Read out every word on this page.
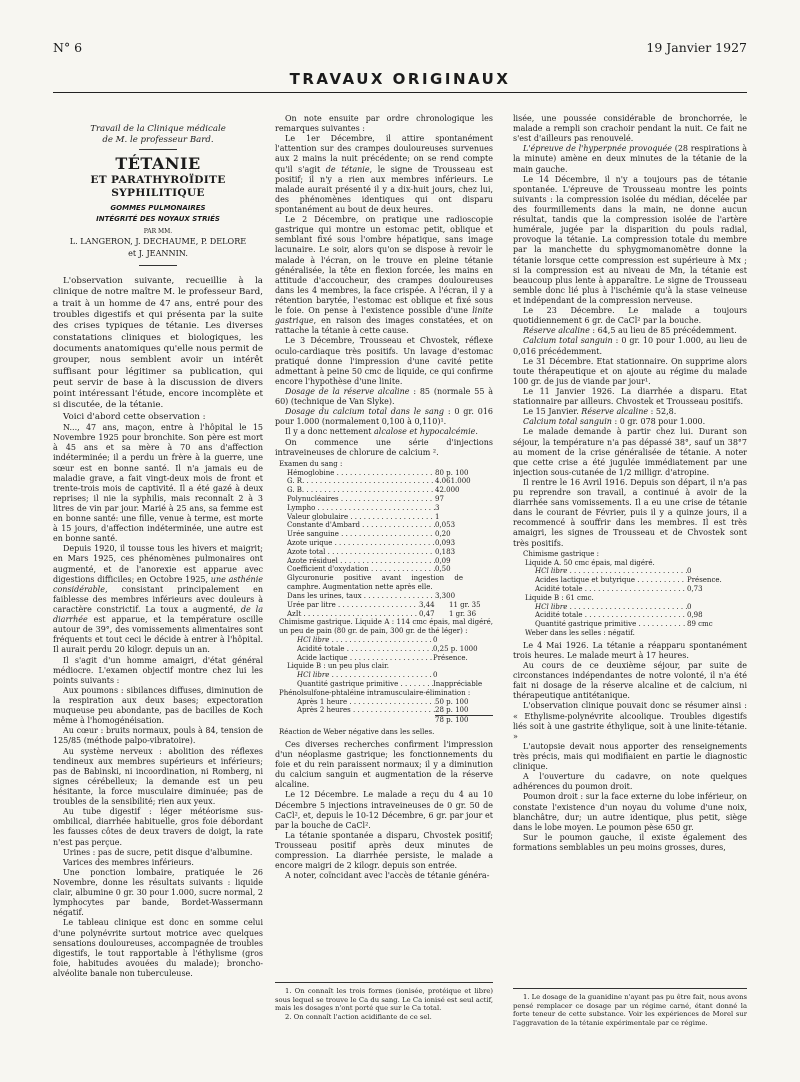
N° 6	19 Janvier 1927
TRAVAUX ORIGINAUX

Travail de la Clinique médicale

de M. le professeur Bard.

TÉTANIE

ET PARATHYROÏDITE SYPHILITIQUE

GOMMES PULMONAIRES

INTÉGRITÉ DES NOYAUX STRIÉS

PAR MM.

L. LANGERON, J. DECHAUME, P. DELORE

et J. JEANNIN.

L'observation suivante, recueillie à la clinique de notre maître M. le professeur Bard, a trait à un homme de 47 ans, entré pour des troubles digestifs et qui présenta par la suite des crises typiques de tétanie. Les diverses constatations cliniques et biologiques, les documents anatomiques qu'elle nous permit de grouper, nous semblent avoir un intérêt suffisant pour légitimer sa publication, qui peut servir de base à la discussion de divers point intéressant l'étude, encore incomplète et si discutée, de la tétanie.

Voici d'abord cette observation :

N..., 47 ans, maçon, entre à l'hôpital le 15 Novembre 1925 pour bronchite. Son père est mort à 45 ans et sa mère à 70 ans d'affection indéterminée; il a perdu un frère à la guerre, une sœur est en bonne santé. Il n'a jamais eu de maladie grave, a fait vingt-deux mois de front et trente-trois mois de captivité. Il a été gazé à deux reprises; il nie la syphilis, mais reconnaît 2 à 3 litres de vin par jour. Marié à 25 ans, sa femme est en bonne santé: une fille, venue à terme, est morte à 15 jours, d'affection indéterminée, une autre est en bonne santé.

Depuis 1920, il tousse tous les hivers et maigrit; en Mars 1925, ces phénomènes pulmonaires ont augmenté, et de l'anorexie est apparue avec digestions difficiles; en Octobre 1925, une asthénie considérable, consistant principalement en faiblesse des membres inférieurs avec douleurs à caractère constrictif. La toux a augmenté, de la diarrhée est apparue, et la température oscille autour de 39°, des vomissements alimentaires sont fréquents et tout ceci le décide à entrer à l'hôpital. Il aurait perdu 20 kilogr. depuis un an.

Il s'agit d'un homme amaigri, d'état général médiocre. L'examen objectif montre chez lui les points suivants :

Aux poumons : sibilances diffuses, diminution de la respiration aux deux bases; expectoration muqueuse peu abondante, pas de bacilles de Koch même à l'homogénéisation.

Au cœur : bruits normaux, pouls à 84, tension de 125/85 (méthode palpo-vibratoire).

Au système nerveux : abolition des réflexes tendineux aux membres supérieurs et inférieurs; pas de Babinski, ni incoordination, ni Romberg, ni signes cérébelleux; la demande est un peu hésitante, la force musculaire diminuée; pas de troubles de la sensibilité; rien aux yeux.

Au tube digestif : léger météorisme sus-ombilical, diarrhée habituelle, gros foie débordant les fausses côtes de deux travers de doigt, la rate n'est pas perçue.

Urines : pas de sucre, petit disque d'albumine.

Varices des membres inférieurs.

Une ponction lombaire, pratiquée le 26 Novembre, donne les résultats suivants : liquide clair, albumine 0 gr. 30 pour 1.000, sucre normal, 2 lymphocytes par bande, Bordet-Wassermann négatif.

Le tableau clinique est donc en somme celui d'une polynévrite surtout motrice avec quelques sensations douloureuses, accompagnée de troubles digestifs, le tout rapportable à l'éthylisme (gros foie, habitudes avouées du malade); broncho-alvéolite banale non tuberculeuse.

On note ensuite par ordre chronologique les remarques suivantes :

Le 1er Décembre, il attire spontanément l'attention sur des crampes douloureuses survenues aux 2 mains la nuit précédente; on se rend compte qu'il s'agit de tétanie, le signe de Trousseau est positif; il n'y a rien aux membres inférieurs. Le malade aurait présenté il y a dix-huit jours, chez lui, des phénomènes identiques qui ont disparu spontanément au bout de deux heures.

Le 2 Décembre, on pratique une radioscopie gastrique qui montre un estomac petit, oblique et semblant fixé sous l'ombre hépatique, sans image lacunaire. Le soir, alors qu'on se dispose à revoir le malade à l'écran, on le trouve en pleine tétanie généralisée, la tête en flexion forcée, les mains en attitude d'accoucheur, des crampes douloureuses dans les 4 membres, la face crispée. A l'écran, il y a rétention barytée, l'estomac est oblique et fixé sous le foie. On pense à l'existence possible d'une linite gastrique, en raison des images constatées, et on rattache la tétanie à cette cause.

Le 3 Décembre, Trousseau et Chvostek, réflexe oculo-cardiaque très positifs. Un lavage d'estomac pratiqué donne l'impression d'une cavité petite admettant à peine 50 cmc de liquide, ce qui confirme encore l'hypothèse d'une linite.

Dosage de la réserve alcaline : 85 (normale 55 à 60) (technique de Van Slyke).

Dosage du calcium total dans le sang : 0 gr. 016 pour 1.000 (normalement 0,100 à 0,110)¹.

Il y a donc nettement alcalose et hypocalcémie.

On commence une série d'injections intraveineuses de chlorure de calcium ².

Examen du sang :
Hémoglobine . . .	80 p. 100
G. R. . . .	4.061.000
G. B. . . .	42.000
Polynucléaires . . .	97
Lympho . . .	3
Valeur globulaire . . .	1
Constante d'Ambard . . .	0,053
Urée sanguine . . .	0,20
Azote urique . . .	0,093
Azote total . . .	0,183
Azote résiduel . . .	0,09
Coefficient d'oxydation . . .	0,50
Glycuronurie positive avant ingestion de camphre. Augmentation nette après elle.
Dans les urines, taux . . .	3,300
Urée par litre . . .	3,44	11 gr. 35
AzIt . . .	0,47	1 gr. 36
Chimisme gastrique. Liquide A : 114 cmc épais, mal digéré, un peu de pain (80 gr. de pain, 300 gr. de thé léger) :
HCl libre . . .	0
Acidité totale . . .	0,25 p. 1000
Acide lactique . . .	Présence.
Liquide B : un peu plus clair.
HCl libre . . .	0
Quantité gastrique primitive . . .	Inappréciable
Phénolsulfone-phtaléine intramusculaire-élimination :
Après 1 heure . . .	50 p. 100
Après 2 heures . . .	28 p. 100
78 p. 100
Réaction de Weber négative dans les selles.

Ces diverses recherches confirment l'impression d'un néoplasme gastrique; les fonctionnements du foie et du rein paraissent normaux; il y a diminution du calcium sanguin et augmentation de la réserve alcaline.

Le 12 Décembre. Le malade a reçu du 4 au 10 Décembre 5 injections intraveineuses de 0 gr. 50 de CaCl², et, depuis le 10-12 Décembre, 6 gr. par jour et par la bouche de CaCl².

La tétanie spontanée a disparu, Chvostek positif; Trousseau positif après deux minutes de compression. La diarrhée persiste, le malade a encore maigri de 2 kilogr. depuis son entrée.

A noter, coïncidant avec l'accès de tétanie généra-

1. On connaît les trois formes (ionisée, protéique et libre) sous lequel se trouve le Ca du sang. Le Ca ionisé est seul actif, mais les dosages n'ont porté que sur le Ca total.

2. On connaît l'action acidifiante de ce sel.

lisée, une poussée considérable de bronchorrée, le malade a rempli son crachoir pendant la nuit. Ce fait ne s'est d'ailleurs pas renouvelé.

L'épreuve de l'hyperpnée provoquée (28 respirations à la minute) amène en deux minutes de la tétanie de la main gauche.

Le 14 Décembre, il n'y a toujours pas de tétanie spontanée. L'épreuve de Trousseau montre les points suivants : la compression isolée du médian, décelée par des fourmillements dans la main, ne donne aucun résultat, tandis que la compression isolée de l'artère humérale, jugée par la disparition du pouls radial, provoque la tétanie. La compression totale du membre par la manchette du sphygmomanomètre donne la tétanie lorsque cette compression est supérieure à Mx ; si la compression est au niveau de Mn, la tétanie est beaucoup plus lente à apparaître. Le signe de Trousseau semble donc lié plus à l'ischémie qu'à la stase veineuse et indépendant de la compression nerveuse.

Le 23 Décembre. Le malade a toujours quotidiennement 6 gr. de CaCl² par la bouche.

Réserve alcaline : 64,5 au lieu de 85 précédemment.

Calcium total sanguin : 0 gr. 10 pour 1.000, au lieu de 0,016 précédemment.

Le 31 Décembre. Etat stationnaire. On supprime alors toute thérapeutique et on ajoute au régime du malade 100 gr. de jus de viande par jour¹.

Le 11 Janvier 1926. La diarrhée a disparu. Etat stationnaire par ailleurs. Chvostek et Trousseau positifs.

Le 15 Janvier. Réserve alcaline : 52,8.

Calcium total sanguin : 0 gr. 078 pour 1.000.

Le malade demande à partir chez lui. Durant son séjour, la température n'a pas dépassé 38°, sauf un 38°7 au moment de la crise généralisée de tétanie. A noter que cette crise a été jugulée immédiatement par une injection sous-cutanée de 1/2 milligr. d'atropine.

Il rentre le 16 Avril 1916. Depuis son départ, il n'a pas pu reprendre son travail, a continué à avoir de la diarrhée sans vomissements. Il a eu une crise de tétanie dans le courant de Février, puis il y a quinze jours, il a recommencé à souffrir dans les membres. Il est très amaigri, les signes de Trousseau et de Chvostek sont très positifs.

Chimisme gastrique :
Liquide A. 50 cmc épais, mal digéré.
HCl libre . . .	0
Acides lactique et butyrique . . .	Présence.
Acidité totale . . .	0,73
Liquide B : 61 cmc.
HCl libre . . .	0
Acidité totale . . .	0,98
Quantité gastrique primitive . . .	89 cmc
Weber dans les selles : négatif.

Le 4 Mai 1926. La tétanie a réapparu spontanément trois heures. Le malade meurt à 17 heures.

Au cours de ce deuxième séjour, par suite de circonstances indépendantes de notre volonté, il n'a été fait ni dosage de la réserve alcaline et de calcium, ni thérapeutique antitétanique.

L'observation clinique pouvait donc se résumer ainsi : « Ethylisme-polynévrite alcoolique. Troubles digestifs liés soit à une gastrite éthylique, soit à une linite-tétanie. »

L'autopsie devait nous apporter des renseignements très précis, mais qui modifiaient en partie le diagnostic clinique.

A l'ouverture du cadavre, on note quelques adhérences du poumon droit.

Poumon droit : sur la face externe du lobe inférieur, on constate l'existence d'un noyau du volume d'une noix, blanchâtre, dur; un autre identique, plus petit, siège dans le lobe moyen. Le poumon pèse 650 gr.

Sur le poumon gauche, il existe également des formations semblables un peu moins grosses, dures,

1. Le dosage de la guanidine n'ayant pas pu être fait, nous avons pensé remplacer ce dosage par un régime carné, étant donné la forte teneur de cette substance. Voir les expériences de Morel sur l'aggravation de la tétanie expérimentale par ce régime.
